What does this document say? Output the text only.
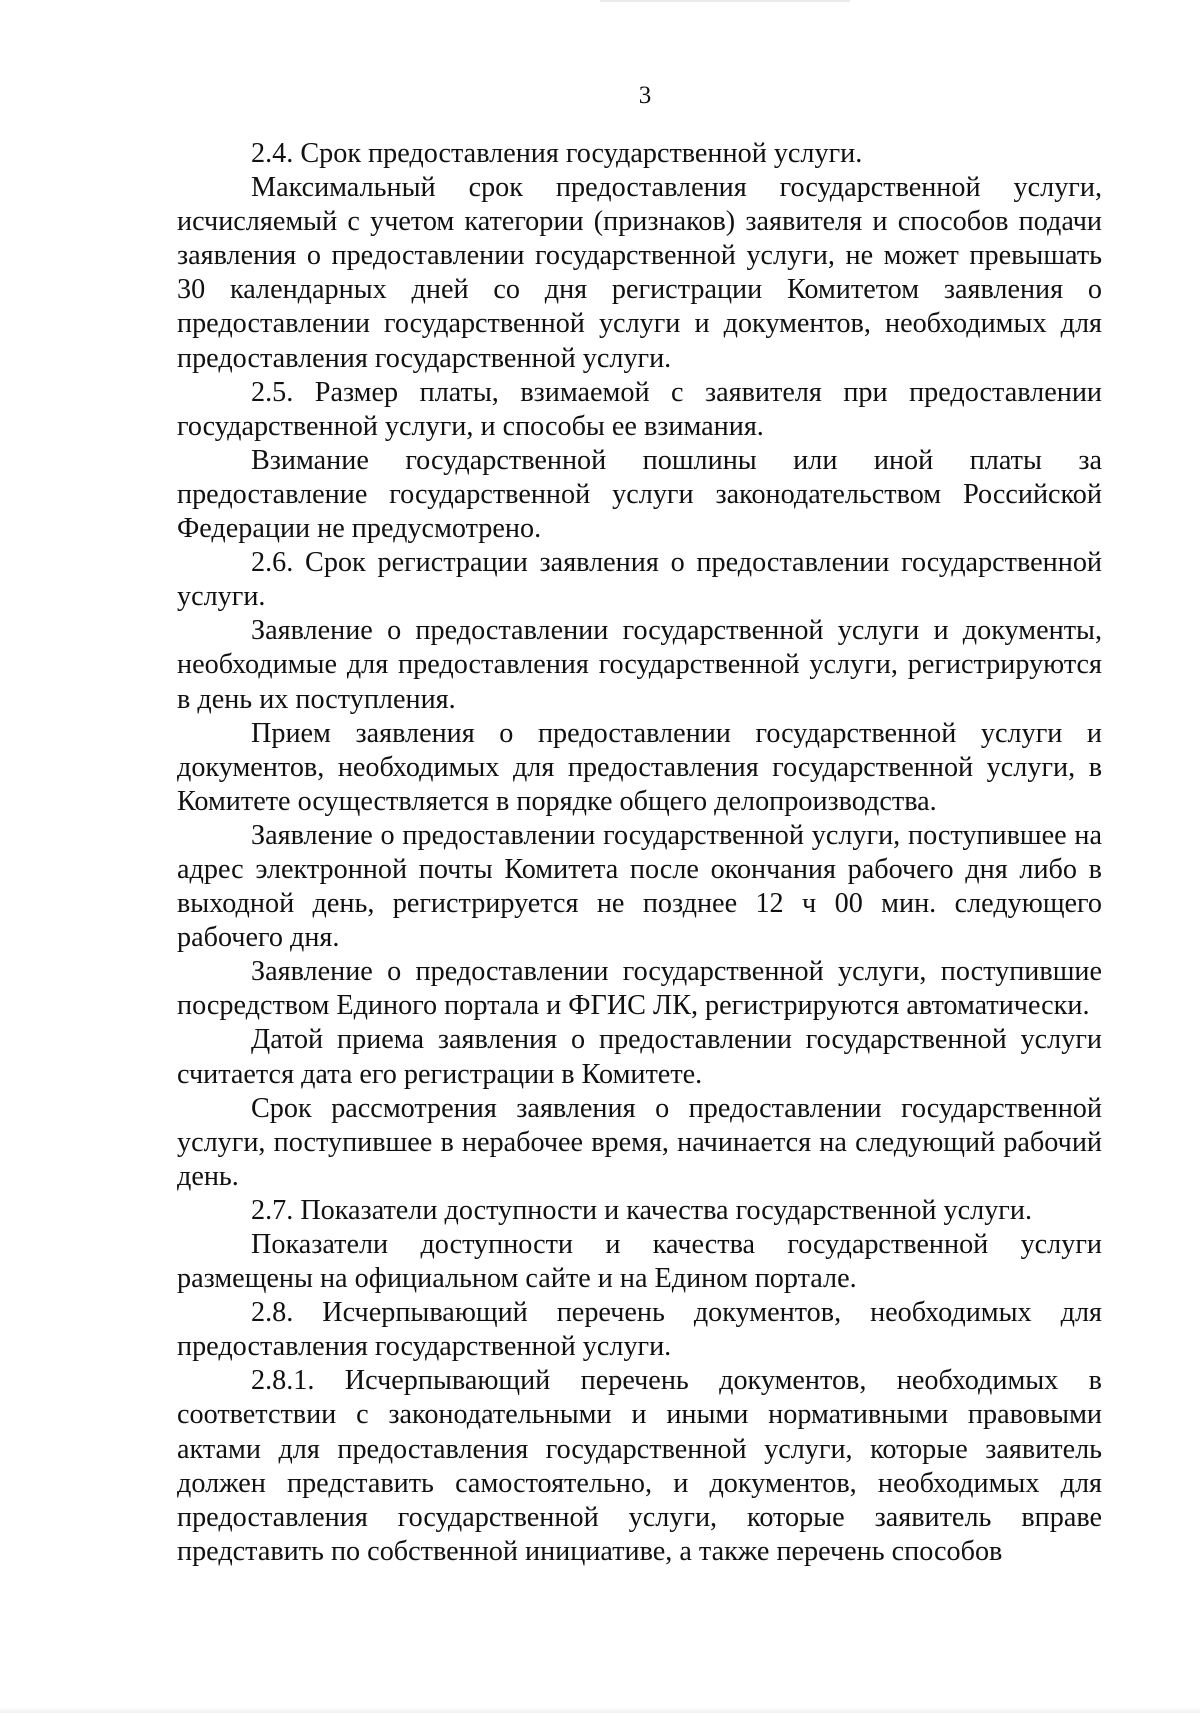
3

2.4. Срок предоставления государственной услуги.

Максимальный срок предоставления государственной услуги, исчисляемый с учетом категории (признаков) заявителя и способов подачи заявления о предоставлении государственной услуги, не может превышать 30 календарных дней со дня регистрации Комитетом заявления о предоставлении государственной услуги и документов, необходимых для предоставления государственной услуги.

2.5. Размер платы, взимаемой с заявителя при предоставлении государственной услуги, и способы ее взимания.

Взимание государственной пошлины или иной платы за предоставление государственной услуги законодательством Российской Федерации не предусмотрено.

2.6. Срок регистрации заявления о предоставлении государственной услуги.

Заявление о предоставлении государственной услуги и документы, необходимые для предоставления государственной услуги, регистрируются в день их поступления.

Прием заявления о предоставлении государственной услуги и документов, необходимых для предоставления государственной услуги, в Комитете осуществляется в порядке общего делопроизводства.

Заявление о предоставлении государственной услуги, поступившее на адрес электронной почты Комитета после окончания рабочего дня либо в выходной день, регистрируется не позднее 12 ч 00 мин. следующего рабочего дня.

Заявление о предоставлении государственной услуги, поступившие посредством Единого портала и ФГИС ЛК, регистрируются автоматически.

Датой приема заявления о предоставлении государственной услуги считается дата его регистрации в Комитете.

Срок рассмотрения заявления о предоставлении государственной услуги, поступившее в нерабочее время, начинается на следующий рабочий день.

2.7. Показатели доступности и качества государственной услуги.

Показатели доступности и качества государственной услуги размещены на официальном сайте и на Едином портале.

2.8. Исчерпывающий перечень документов, необходимых для предоставления государственной услуги.

2.8.1. Исчерпывающий перечень документов, необходимых в соответствии с законодательными и иными нормативными правовыми актами для предоставления государственной услуги, которые заявитель должен представить самостоятельно, и документов, необходимых для предоставления государственной услуги, которые заявитель вправе представить по собственной инициативе, а также перечень способов
